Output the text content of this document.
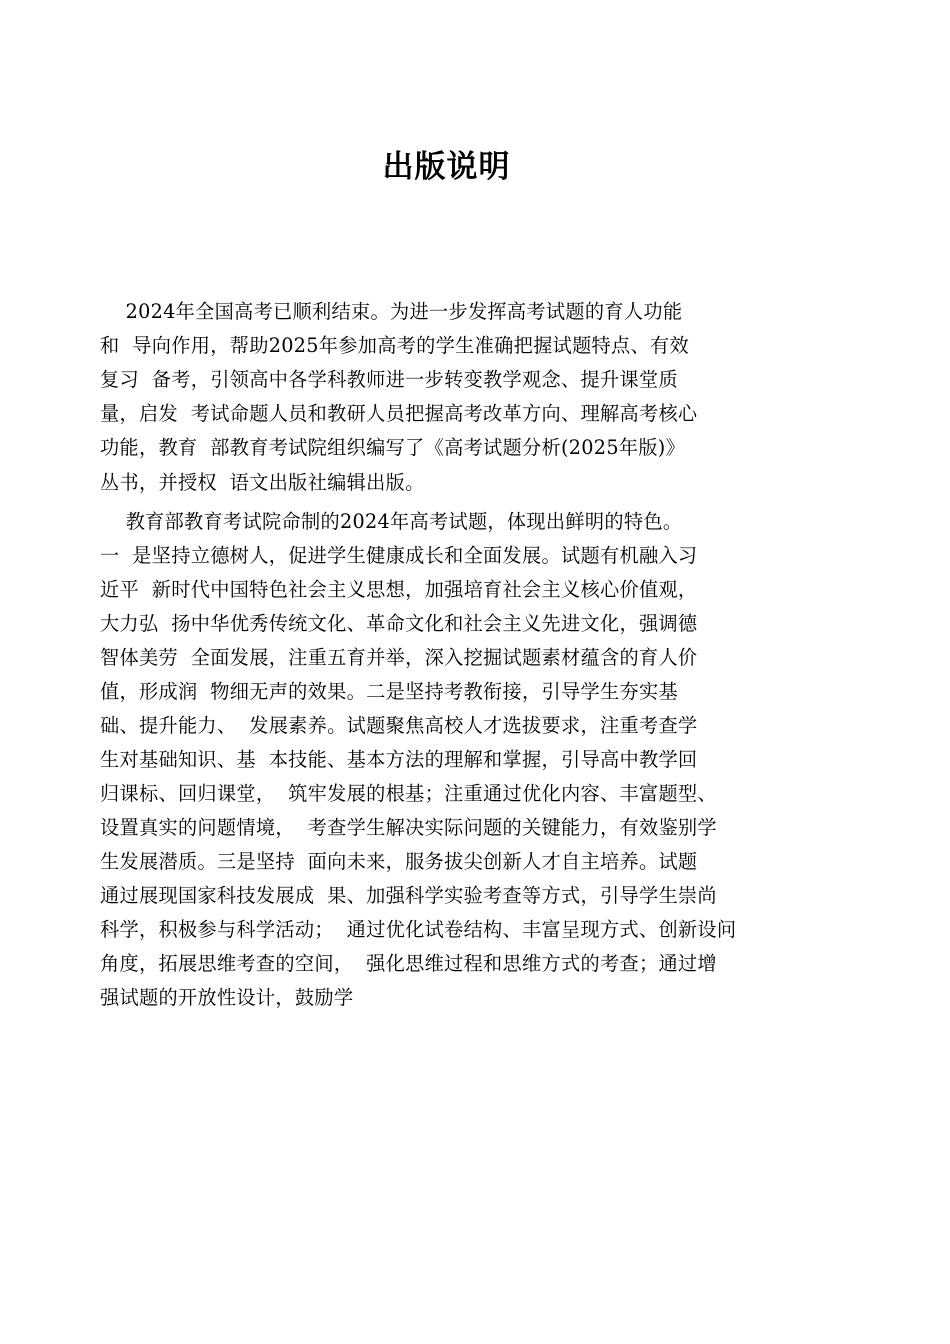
出版说明
2024年全国高考已顺利结束。为进一步发挥高考试题的育人功能
和  导向作用，帮助2025年参加高考的学生准确把握试题特点、有效
复习  备考，引领高中各学科教师进一步转变教学观念、提升课堂质
量，启发  考试命题人员和教研人员把握高考改革方向、理解高考核心
功能，教育  部教育考试院组织编写了《高考试题分析(2025年版)》
丛书，并授权  语文出版社编辑出版。
教育部教育考试院命制的2024年高考试题，体现出鲜明的特色。
一  是坚持立德树人，促进学生健康成长和全面发展。试题有机融入习
近平  新时代中国特色社会主义思想，加强培育社会主义核心价值观，
大力弘  扬中华优秀传统文化、革命文化和社会主义先进文化，强调德
智体美劳  全面发展，注重五育并举，深入挖掘试题素材蕴含的育人价
值，形成润  物细无声的效果。二是坚持考教衔接，引导学生夯实基
础、提升能力、  发展素养。试题聚焦高校人才选拔要求，注重考查学
生对基础知识、基  本技能、基本方法的理解和掌握，引导高中教学回
归课标、回归课堂，  筑牢发展的根基；注重通过优化内容、丰富题型、
设置真实的问题情境，  考查学生解决实际问题的关键能力，有效鉴别学
生发展潜质。三是坚持  面向未来，服务拔尖创新人才自主培养。试题
通过展现国家科技发展成  果、加强科学实验考查等方式，引导学生崇尚
科学，积极参与科学活动；  通过优化试卷结构、丰富呈现方式、创新设问
角度，拓展思维考查的空间，  强化思维过程和思维方式的考查；通过增
强试题的开放性设计，鼓励学
